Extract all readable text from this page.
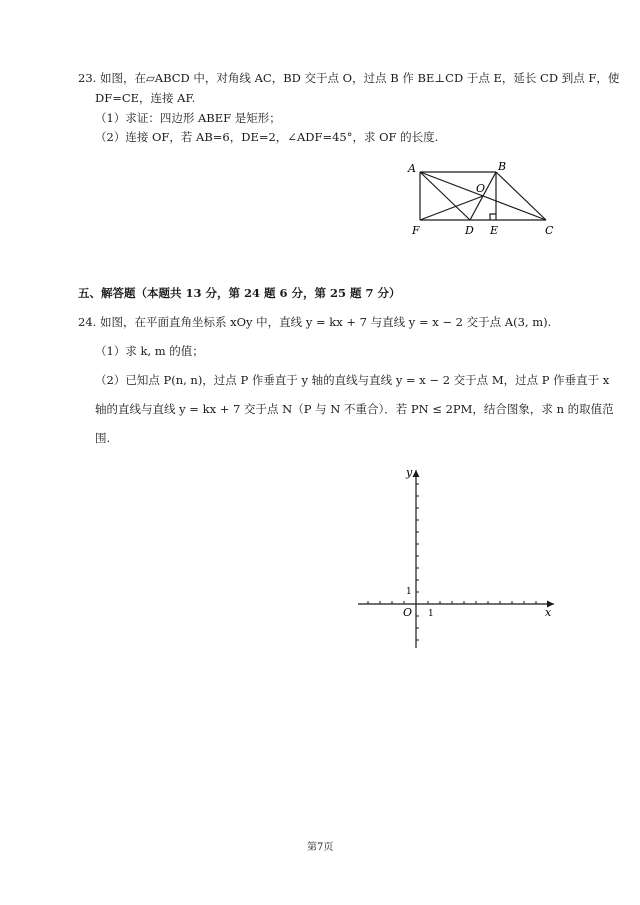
23. 如图，在▱ABCD 中，对角线 AC，BD 交于点 O，过点 B 作 BE⊥CD 于点 E，延长 CD 到点 F，使
DF=CE，连接 AF.
（1）求证：四边形 ABEF 是矩形；
（2）连接 OF，若 AB=6，DE=2，∠ADF=45°，求 OF 的长度.
A	B
O
F	D E	C
五、解答题（本题共 13 分，第 24 题 6 分，第 25 题 7 分）
24. 如图，在平面直角坐标系 xOy 中，直线 y = kx + 7 与直线 y = x − 2 交于点 A(3, m).
（1）求 k, m 的值；
（2）已知点 P(n, n)，过点 P 作垂直于 y 轴的直线与直线 y = x − 2 交于点 M，过点 P 作垂直于 x
轴的直线与直线 y = kx + 7 交于点 N（P 与 N 不重合）．若 PN ≤ 2PM，结合图象，求 n 的取值范
围.
x
y
O 1
1
第7页
